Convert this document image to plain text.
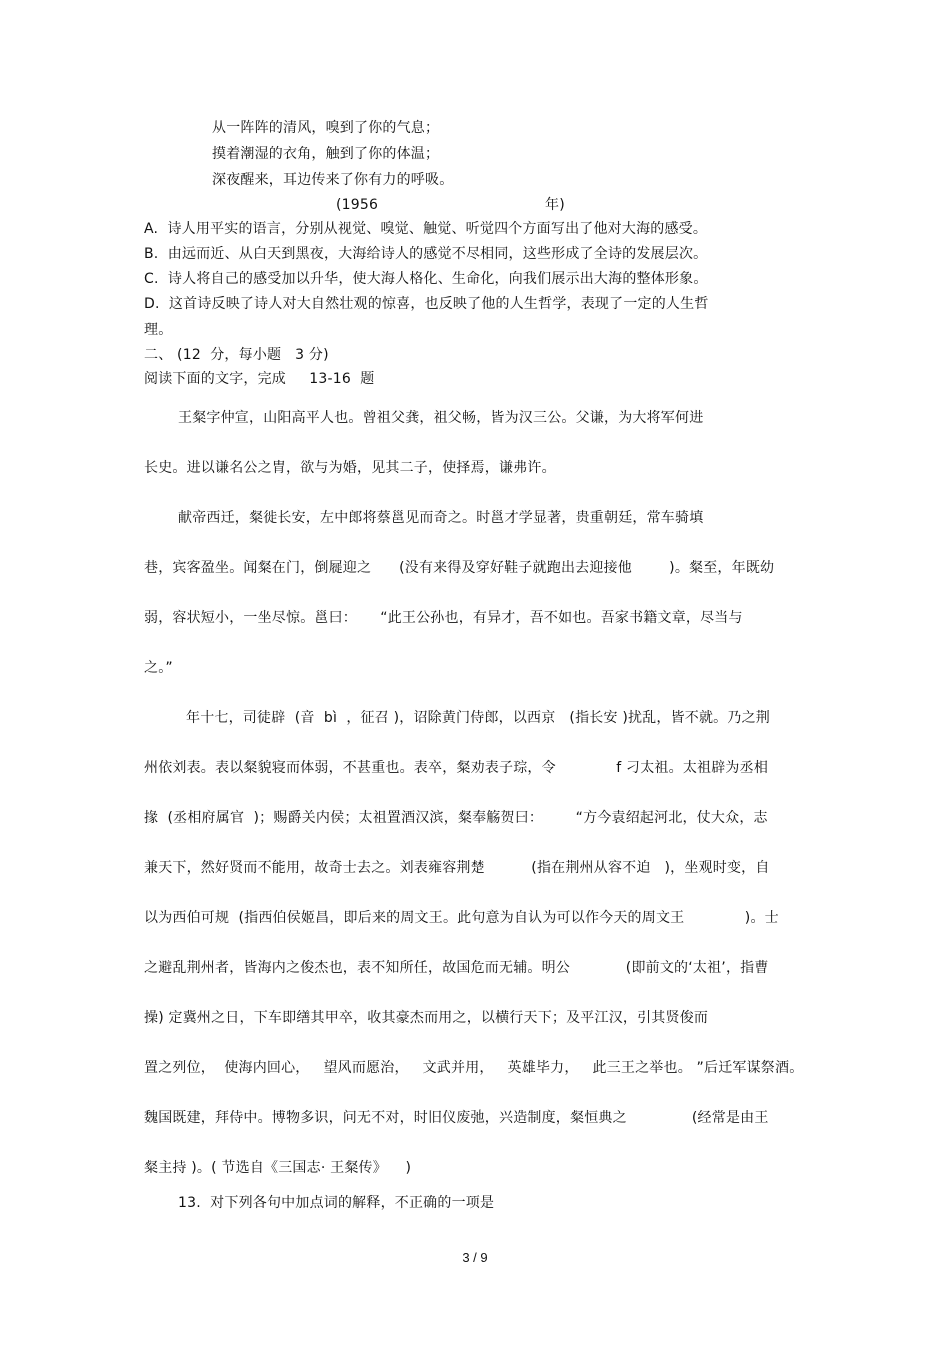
从一阵阵的清风，嗅到了你的气息；
摸着潮湿的衣角，触到了你的体温；
深夜醒来，耳边传来了你有力的呼吸。
(1956	年)
A.  诗人用平实的语言，分别从视觉、嗅觉、触觉、听觉四个方面写出了他对大海的感受。
B.  由远而近、从白天到黑夜，大海给诗人的感觉不尽相同，这些形成了全诗的发展层次。
C.  诗人将自己的感受加以升华，使大海人格化、生命化，向我们展示出大海的整体形象。
D.  这首诗反映了诗人对大自然壮观的惊喜，也反映了他的人生哲学，表现了一定的人生哲
理。
二、 (12  分，每小题   3 分)
阅读下面的文字，完成     13-16  题
王粲字仲宣，山阳高平人也。曾祖父龚，祖父畅，皆为汉三公。父谦，为大将军何进
长史。进以谦名公之胄，欲与为婚，见其二子，使择焉，谦弗许。
献帝西迁，粲徙长安，左中郎将蔡邕见而奇之。时邕才学显著，贵重朝廷，常车骑填
巷，宾客盈坐。闻粲在门，倒屣迎之      (没有来得及穿好鞋子就跑出去迎接他        )。粲至，年既幼
弱，容状短小，一坐尽惊。邕曰：     “此王公孙也，有异才，吾不如也。吾家书籍文章，尽当与
之。”
年十七，司徒辟  (音  bì  ，征召 )，诏除黄门侍郎，以西京   (指长安 )扰乱，皆不就。乃之荆
州依刘表。表以粲貌寝而体弱，不甚重也。表卒，粲劝表子琮，令             f 刁太祖。太祖辟为丞相
掾  (丞相府属官  )；赐爵关内侯；太祖置酒汉滨，粲奉觞贺曰：       “方今袁绍起河北，仗大众，志
兼天下，然好贤而不能用，故奇士去之。刘表雍容荆楚          (指在荆州从容不迫   )，坐观时变，自
以为西伯可规  (指西伯侯姬昌，即后来的周文王。此句意为自认为可以作今天的周文王             )。士
之避乱荆州者，皆海内之俊杰也，表不知所任，故国危而无辅。明公            (即前文的‘太祖’，指曹
操) 定冀州之日，下车即缮其甲卒，收其豪杰而用之，以横行天下；及平江汉，引其贤俊而
置之列位，  使海内回心，   望风而愿治，   文武并用，   英雄毕力，   此三王之举也。 ”后迁军谋祭酒。
魏国既建，拜侍中。博物多识，问无不对，时旧仪废弛，兴造制度，粲恒典之              (经常是由王
粲主持 )。( 节选自《三国志· 王粲传》    )
13.  对下列各句中加点词的解释，不正确的一项是
3 / 9
